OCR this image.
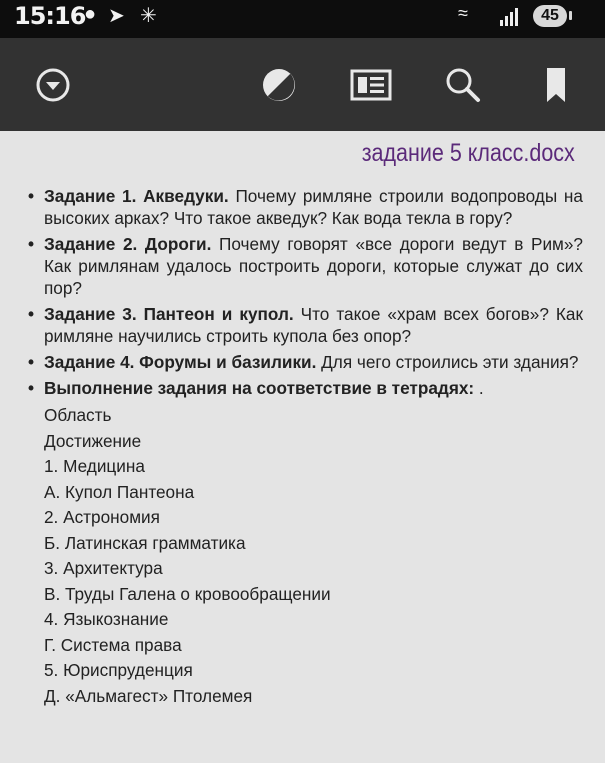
15:16
● ➤ ✳	≈	45
задание 5 класс.docx
• Задание 1. Акведуки. Почему римляне строили водопроводы на высоких арках? Что такое акведук? Как вода текла в гору?
• Задание 2. Дороги. Почему говорят «все дороги ведут в Рим»? Как римлянам удалось построить дороги, которые служат до сих пор?
• Задание 3. Пантеон и купол. Что такое «храм всех богов»? Как римляне научились строить купола без опор?
• Задание 4. Форумы и базилики. Для чего строились эти здания?
• Выполнение задания на соответствие в тетрадях: .
Область
Достижение
1. Медицина
А. Купол Пантеона
2. Астрономия
Б. Латинская грамматика
3. Архитектура
В. Труды Галена о кровообращении
4. Языкознание
Г. Система права
5. Юриспруденция
Д. «Альмагест» Птолемея
